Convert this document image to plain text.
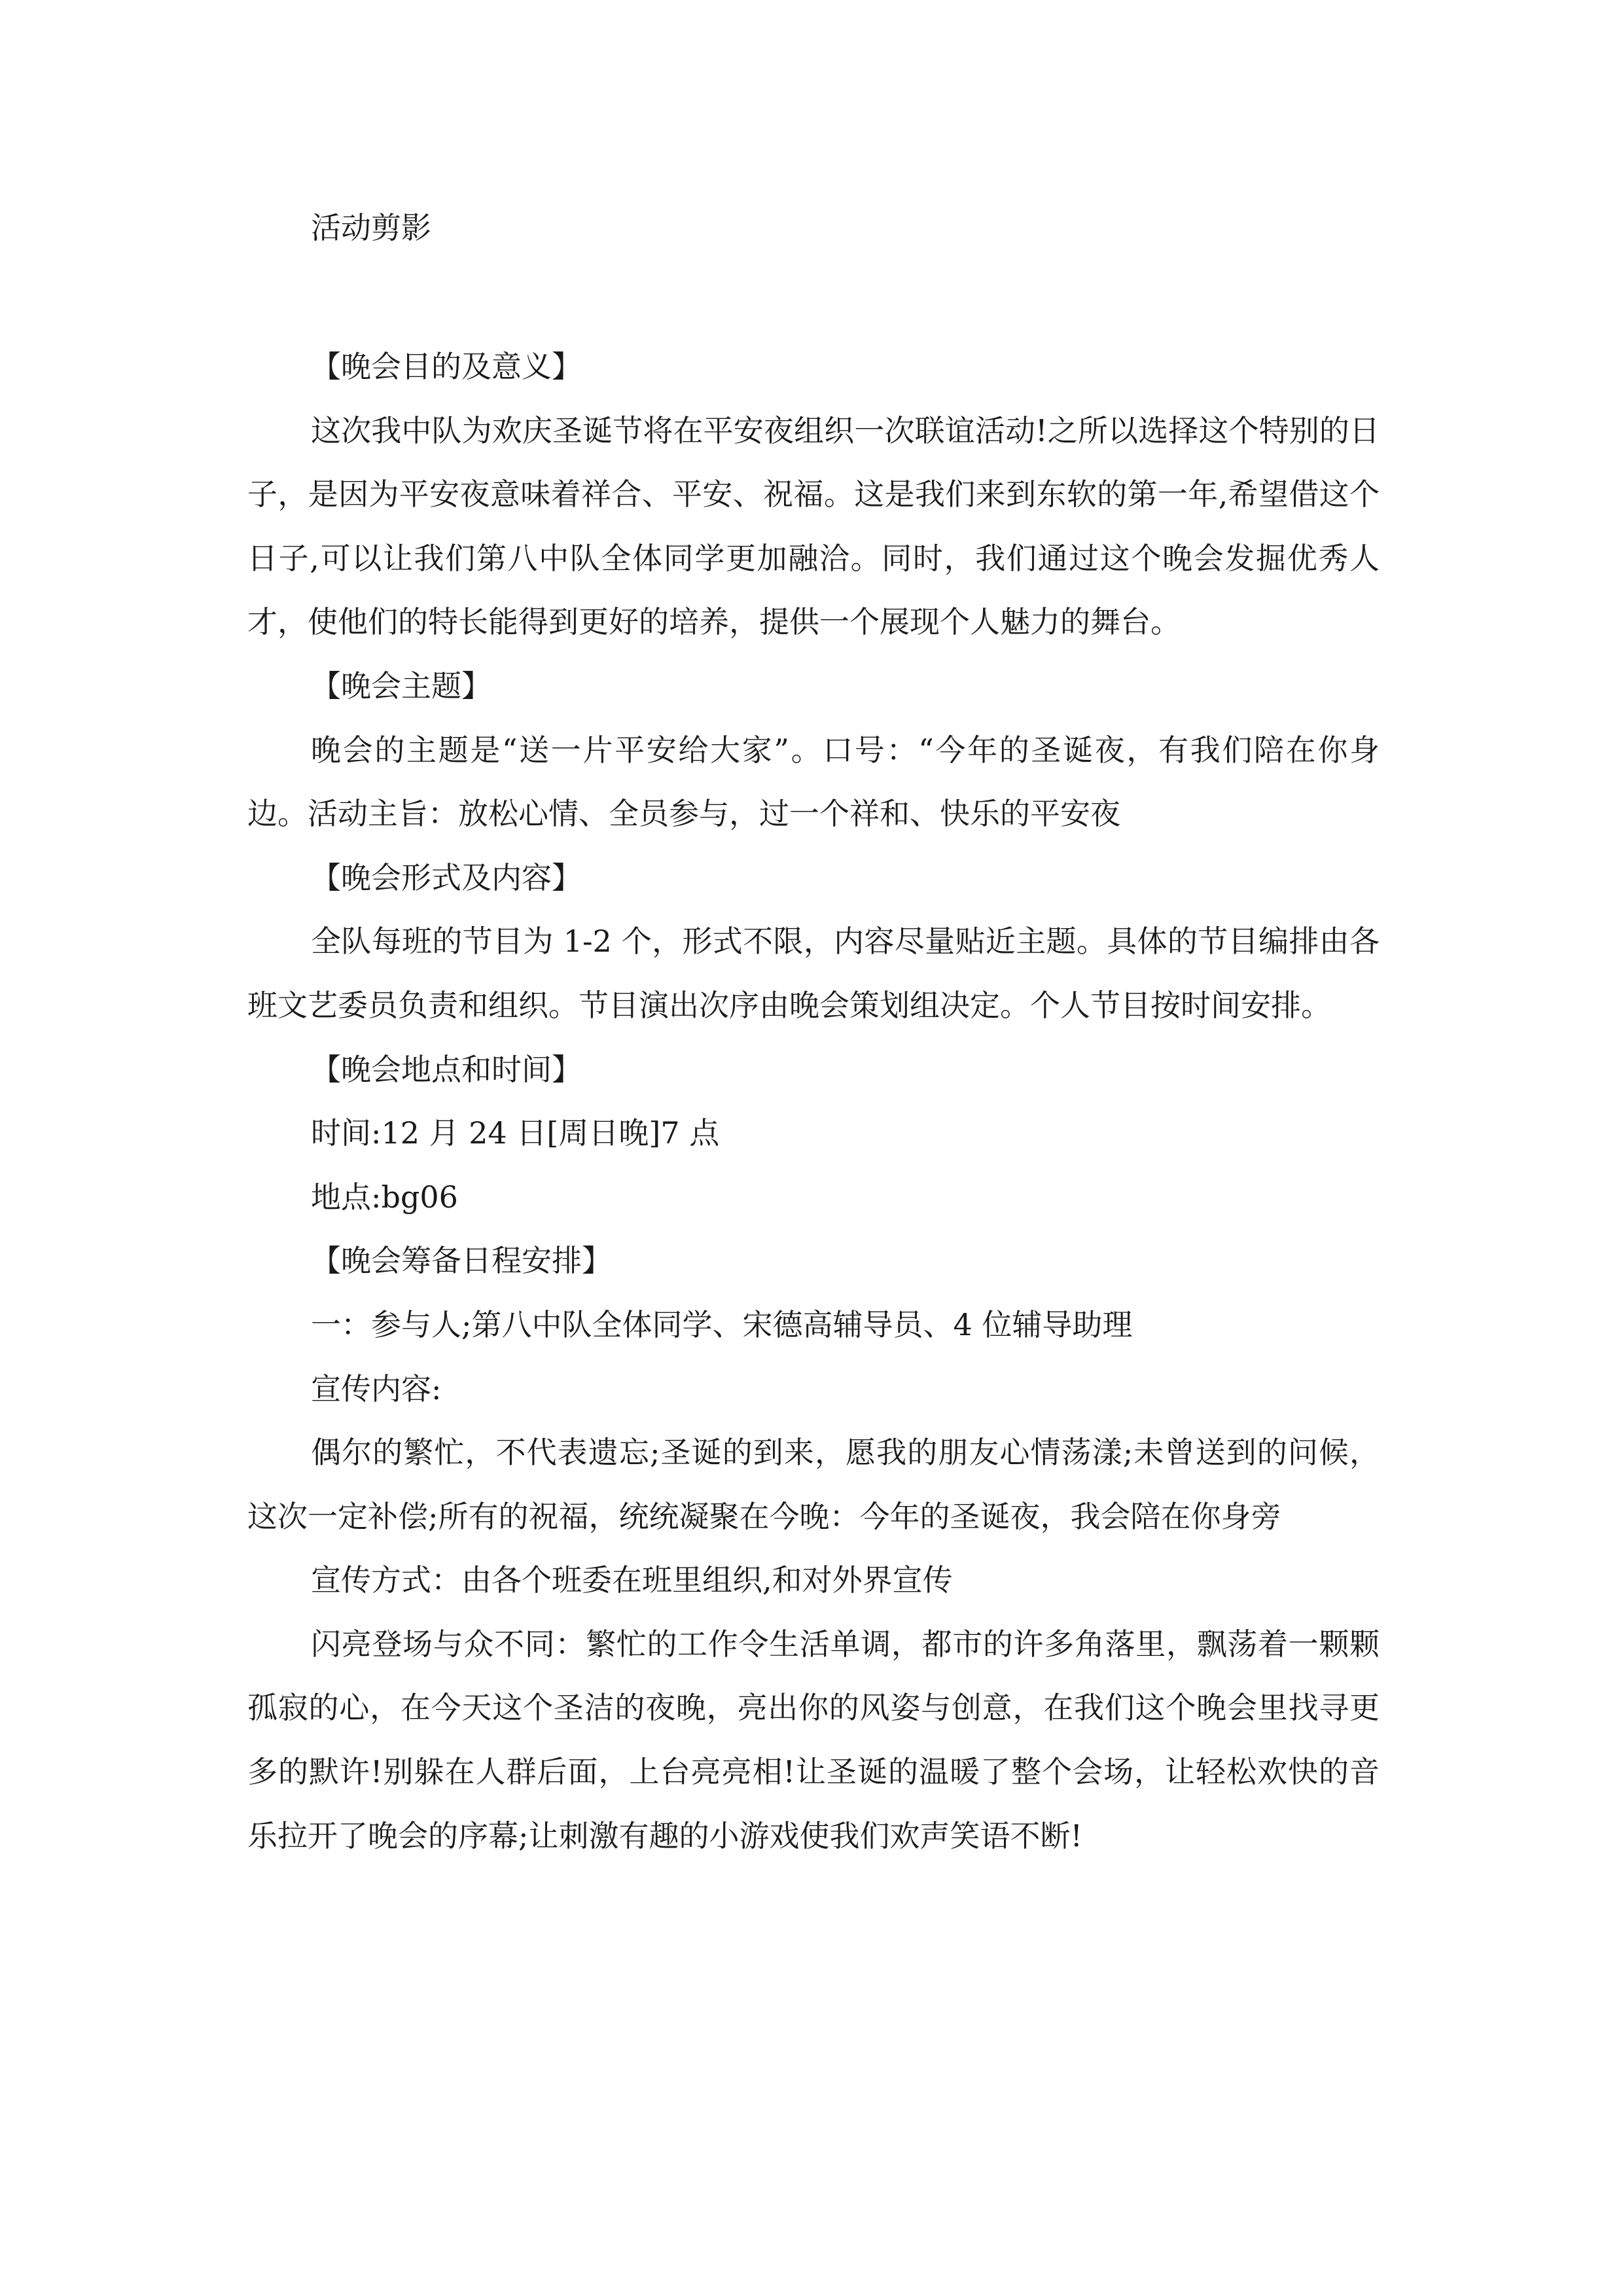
活动剪影

【晚会目的及意义】

这次我中队为欢庆圣诞节将在平安夜组织一次联谊活动!之所以选择这个特别的日子，是因为平安夜意味着祥合、平安、祝福。这是我们来到东软的第一年,希望借这个日子,可以让我们第八中队全体同学更加融洽。同时，我们通过这个晚会发掘优秀人才，使他们的特长能得到更好的培养，提供一个展现个人魅力的舞台。

【晚会主题】

晚会的主题是“送一片平安给大家”。口号：“今年的圣诞夜，有我们陪在你身边。活动主旨：放松心情、全员参与，过一个祥和、快乐的平安夜

【晚会形式及内容】

全队每班的节目为 1-2 个，形式不限，内容尽量贴近主题。具体的节目编排由各班文艺委员负责和组织。节目演出次序由晚会策划组决定。个人节目按时间安排。

【晚会地点和时间】

时间:12 月 24 日[周日晚]7 点

地点:bg06

【晚会筹备日程安排】

一：参与人;第八中队全体同学、宋德高辅导员、4 位辅导助理

宣传内容:

偶尔的繁忙，不代表遗忘;圣诞的到来，愿我的朋友心情荡漾;未曾送到的问候，这次一定补偿;所有的祝福，统统凝聚在今晚：今年的圣诞夜，我会陪在你身旁

宣传方式：由各个班委在班里组织,和对外界宣传

闪亮登场与众不同：繁忙的工作令生活单调，都市的许多角落里，飘荡着一颗颗孤寂的心，在今天这个圣洁的夜晚，亮出你的风姿与创意，在我们这个晚会里找寻更多的默许!别躲在人群后面，上台亮亮相!让圣诞的温暖了整个会场，让轻松欢快的音乐拉开了晚会的序幕;让刺激有趣的小游戏使我们欢声笑语不断!
